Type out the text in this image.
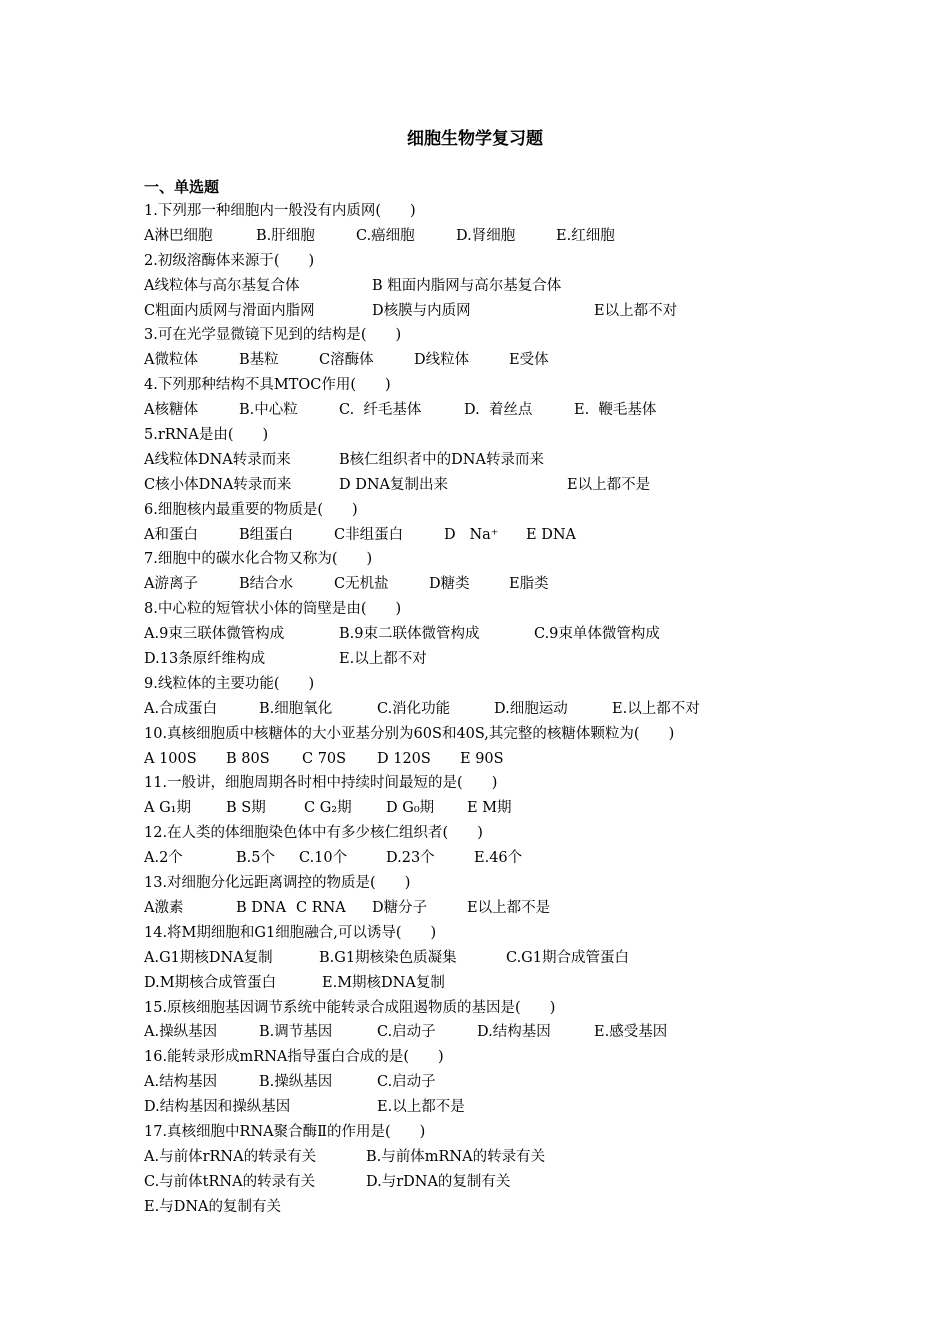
细胞生物学复习题
一、单选题
1.下列那一种细胞内一般没有内质网(　　)
A淋巴细胞	B.肝细胞	C.癌细胞	D.肾细胞	E.红细胞
2.初级溶酶体来源于(　　)
A线粒体与高尔基复合体	B 粗面内脂网与高尔基复合体
C粗面内质网与滑面内脂网	D核膜与内质网	E以上都不对
3.可在光学显微镜下见到的结构是(　　)
A微粒体	B基粒	C溶酶体	D线粒体	E受体
4.下列那种结构不具MTOC作用(　　)
A核糖体	B.中心粒	C.  纤毛基体	D.  着丝点	E.  鞭毛基体
5.rRNA是由(　　)
A线粒体DNA转录而来	B核仁组织者中的DNA转录而来
C核小体DNA转录而来	D DNA复制出来	E以上都不是
6.细胞核内最重要的物质是(　　)
A和蛋白	B组蛋白	C非组蛋白	D   Na⁺ E DNA
7.细胞中的碳水化合物又称为(　　)
A游离子	B结合水	C无机盐	D糖类	E脂类
8.中心粒的短管状小体的筒壁是由(　　)
A.9束三联体微管构成	B.9束二联体微管构成	C.9束单体微管构成
D.13条原纤维构成	E.以上都不对
9.线粒体的主要功能(　　)
A.合成蛋白	B.细胞氧化	C.消化功能	D.细胞运动	E.以上都不对
10.真核细胞质中核糖体的大小亚基分别为60S和40S,其完整的核糖体颗粒为(　　)
A 100S B 80S C 70S D 120S E 90S
11.一般讲，细胞周期各时相中持续时间最短的是(　　)
A G₁期 B S期	C G₂期 D G₀期 E M期
12.在人类的体细胞染色体中有多少核仁组织者(　　)
A.2个	B.5个 C.10个	D.23个	E.46个
13.对细胞分化远距离调控的物质是(　　)
A激素	B DNA C RNA D糖分子	E以上都不是
14.将M期细胞和G1细胞融合,可以诱导(　　)
A.G1期核DNA复制	B.G1期核染色质凝集	C.G1期合成管蛋白
D.M期核合成管蛋白	E.M期核DNA复制
15.原核细胞基因调节系统中能转录合成阻遏物质的基因是(　　)
A.操纵基因	B.调节基因	C.启动子	D.结构基因	E.感受基因
16.能转录形成mRNA指导蛋白合成的是(　　)
A.结构基因	B.操纵基因	C.启动子
D.结构基因和操纵基因	E.以上都不是
17.真核细胞中RNA聚合酶Ⅱ的作用是(　　)
A.与前体rRNA的转录有关	B.与前体mRNA的转录有关
C.与前体tRNA的转录有关	D.与rDNA的复制有关
E.与DNA的复制有关
